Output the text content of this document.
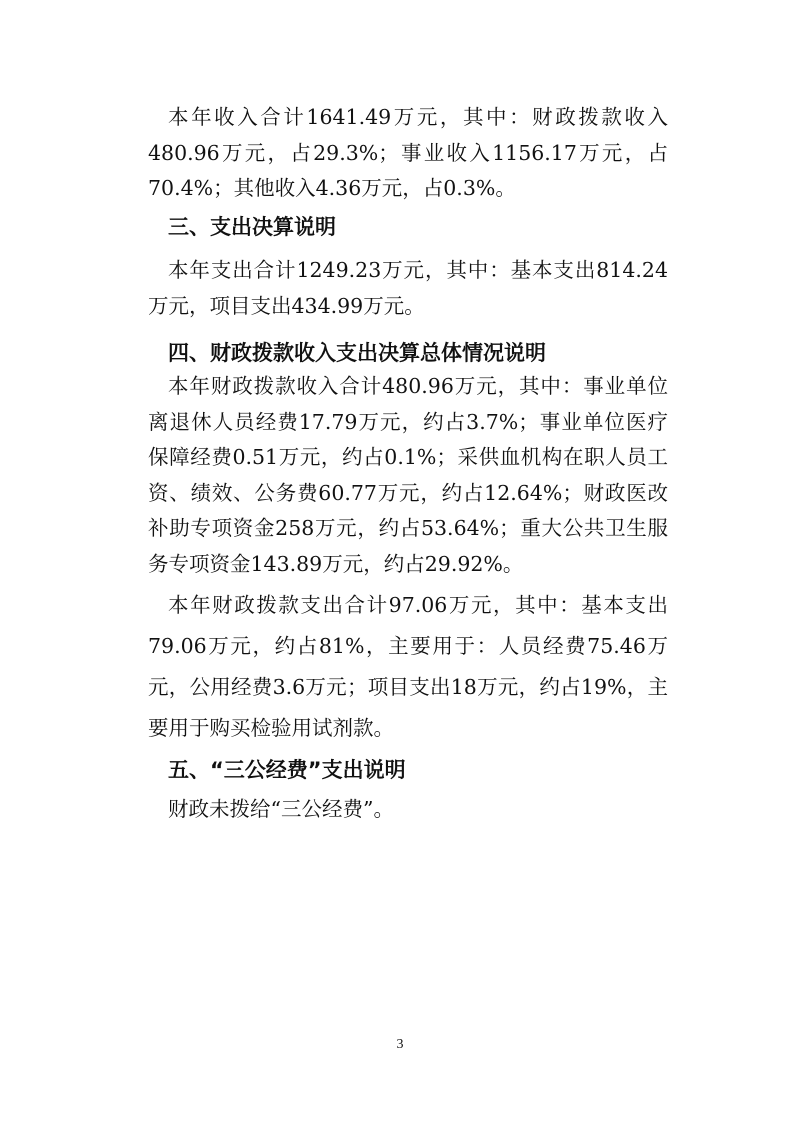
本年收入合计1641.49万元，其中：财政拨款收入480.96万元，占29.3%；事业收入1156.17万元，占70.4%；其他收入4.36万元，占0.3%。
三、支出决算说明
本年支出合计1249.23万元，其中：基本支出814.24万元，项目支出434.99万元。
四、财政拨款收入支出决算总体情况说明
本年财政拨款收入合计480.96万元，其中：事业单位离退休人员经费17.79万元，约占3.7%；事业单位医疗保障经费0.51万元，约占0.1%；采供血机构在职人员工资、绩效、公务费60.77万元，约占12.64%；财政医改补助专项资金258万元，约占53.64%；重大公共卫生服务专项资金143.89万元，约占29.92%。
本年财政拨款支出合计97.06万元，其中：基本支出79.06万元，约占81%，主要用于：人员经费75.46万元，公用经费3.6万元；项目支出18万元，约占19%，主要用于购买检验用试剂款。
五、“三公经费”支出说明
财政未拨给“三公经费”。
3
